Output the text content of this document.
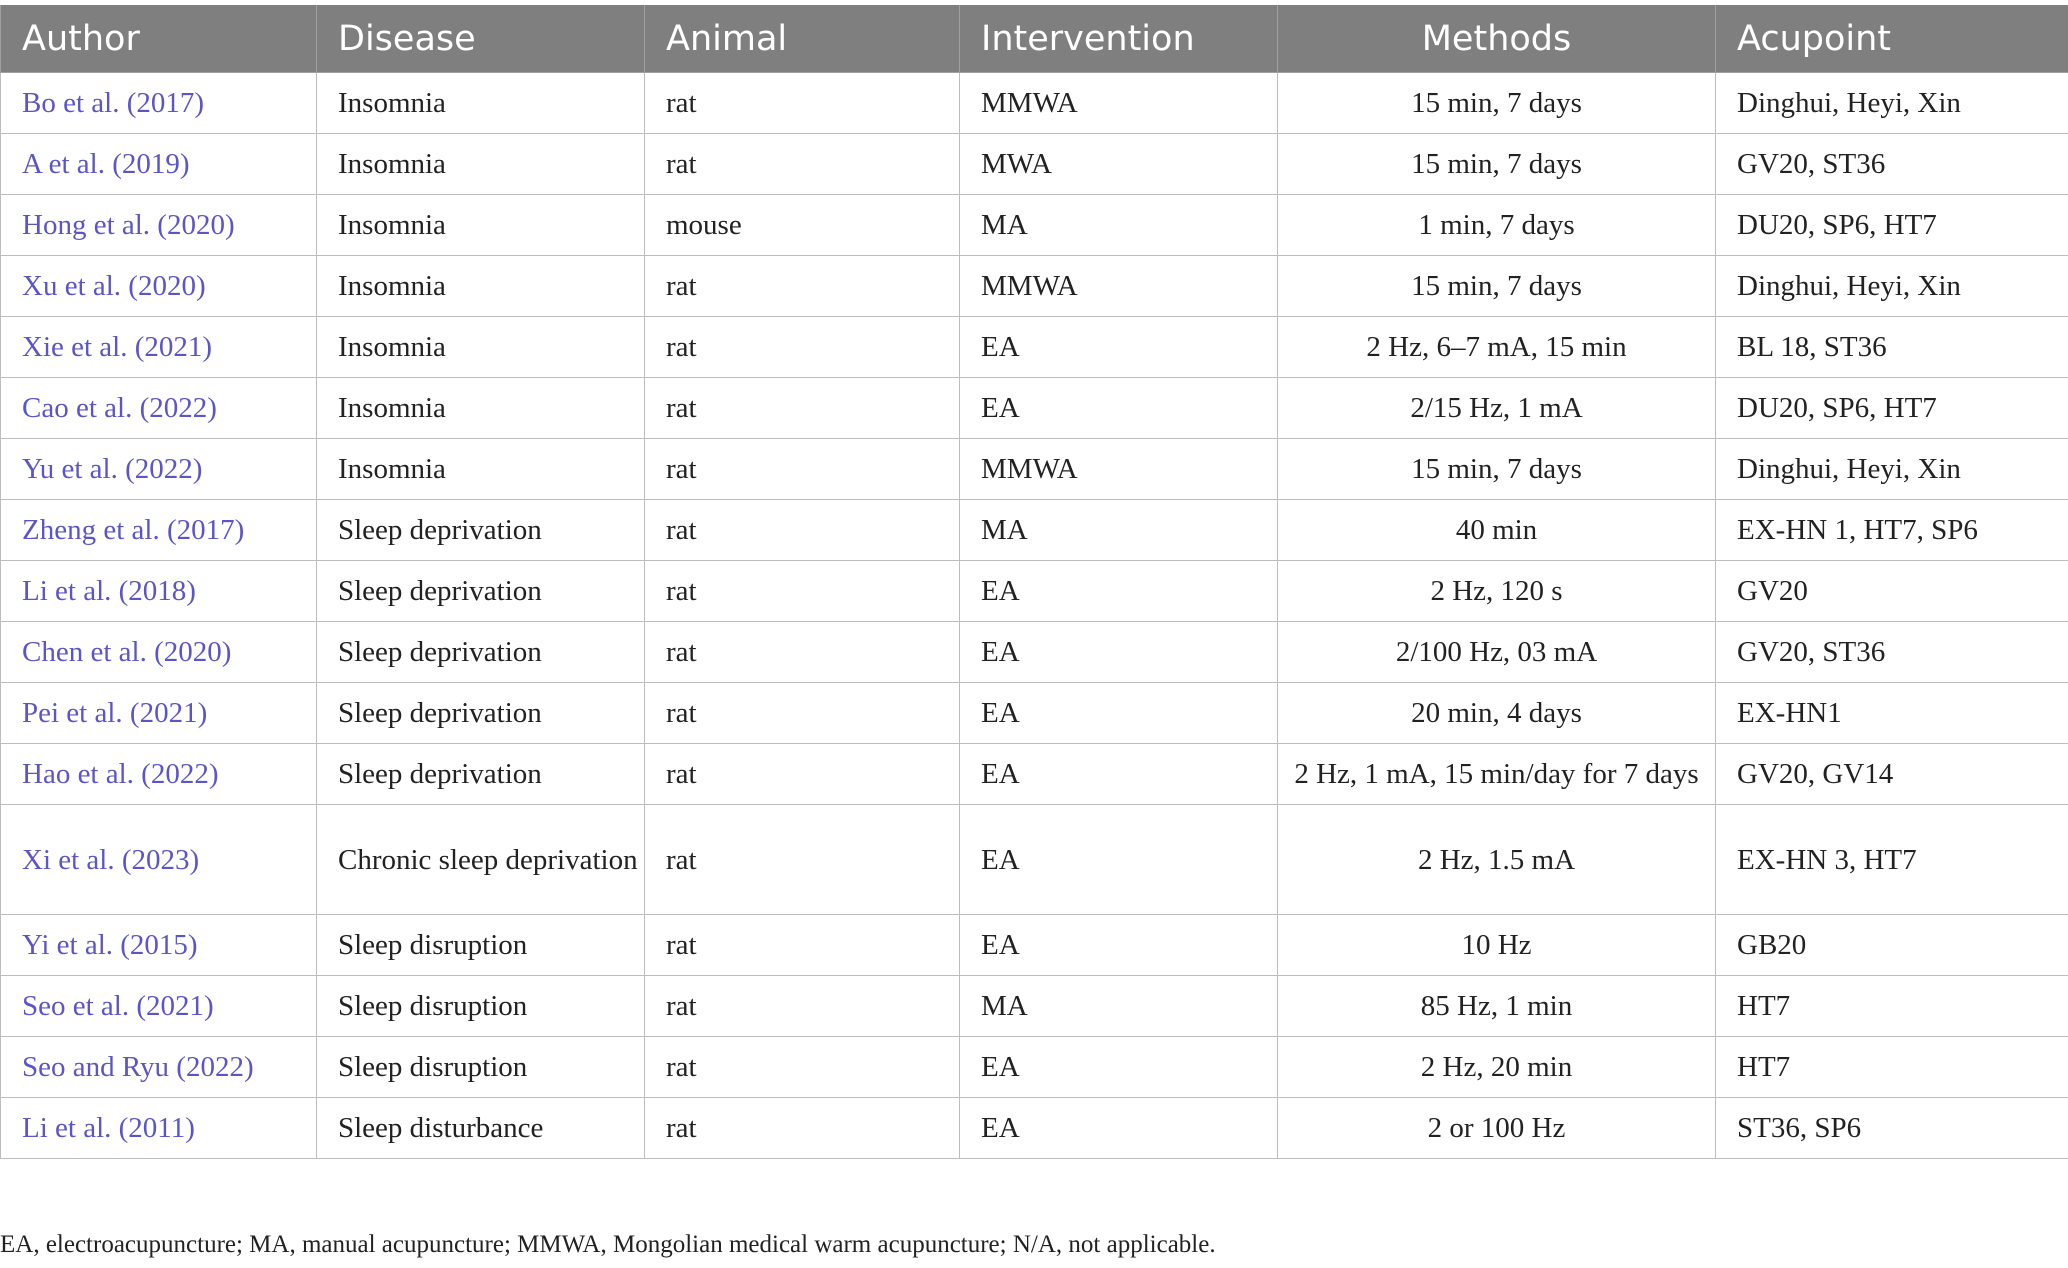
Author	Disease	Animal	Intervention	Methods	Acupoint
Bo et al. (2017)	Insomnia	rat	MMWA	15 min, 7 days	Dinghui, Heyi, Xin
A et al. (2019)	Insomnia	rat	MWA	15 min, 7 days	GV20, ST36
Hong et al. (2020)	Insomnia	mouse	MA	1 min, 7 days	DU20, SP6, HT7
Xu et al. (2020)	Insomnia	rat	MMWA	15 min, 7 days	Dinghui, Heyi, Xin
Xie et al. (2021)	Insomnia	rat	EA	2 Hz, 6–7 mA, 15 min	BL 18, ST36
Cao et al. (2022)	Insomnia	rat	EA	2/15 Hz, 1 mA	DU20, SP6, HT7
Yu et al. (2022)	Insomnia	rat	MMWA	15 min, 7 days	Dinghui, Heyi, Xin
Zheng et al. (2017)	Sleep deprivation	rat	MA	40 min	EX-HN 1, HT7, SP6
Li et al. (2018)	Sleep deprivation	rat	EA	2 Hz, 120 s	GV20
Chen et al. (2020)	Sleep deprivation	rat	EA	2/100 Hz, 03 mA	GV20, ST36
Pei et al. (2021)	Sleep deprivation	rat	EA	20 min, 4 days	EX-HN1
Hao et al. (2022)	Sleep deprivation	rat	EA	2 Hz, 1 mA, 15 min/day for 7 days	GV20, GV14
Xi et al. (2023)	Chronic sleep deprivation	rat	EA	2 Hz, 1.5 mA	EX-HN 3, HT7
Yi et al. (2015)	Sleep disruption	rat	EA	10 Hz	GB20
Seo et al. (2021)	Sleep disruption	rat	MA	85 Hz, 1 min	HT7
Seo and Ryu (2022)	Sleep disruption	rat	EA	2 Hz, 20 min	HT7
Li et al. (2011)	Sleep disturbance	rat	EA	2 or 100 Hz	ST36, SP6

EA, electroacupuncture; MA, manual acupuncture; MMWA, Mongolian medical warm acupuncture; N/A, not applicable.
